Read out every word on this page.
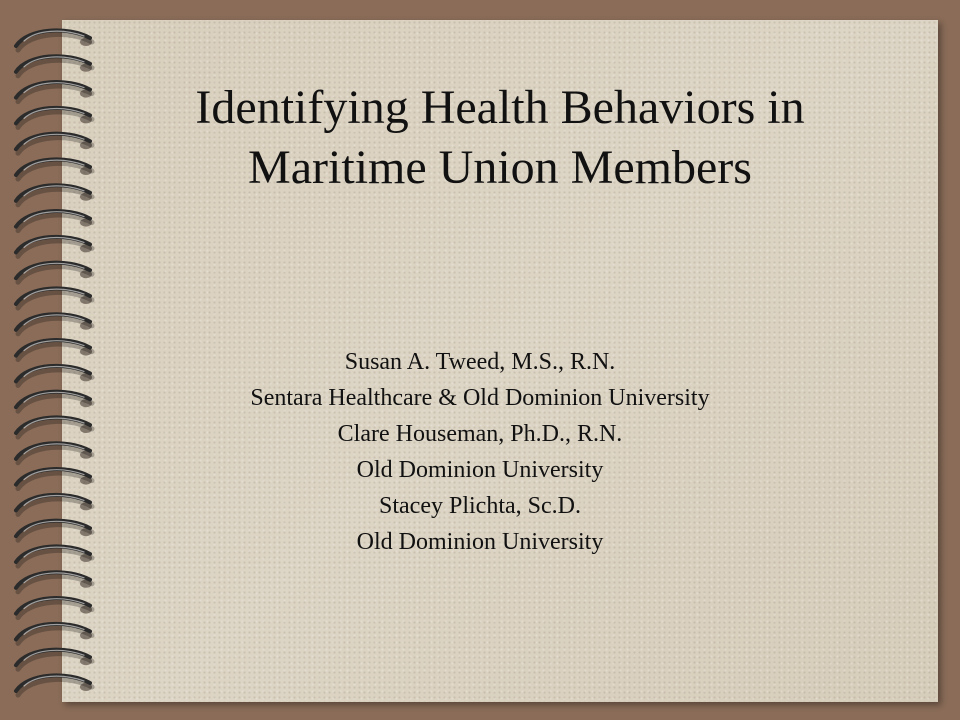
Identifying Health Behaviors in
Maritime Union Members
Susan A. Tweed, M.S., R.N.
Sentara Healthcare & Old Dominion University
Clare Houseman, Ph.D., R.N.
Old Dominion University
Stacey Plichta, Sc.D.
Old Dominion University
